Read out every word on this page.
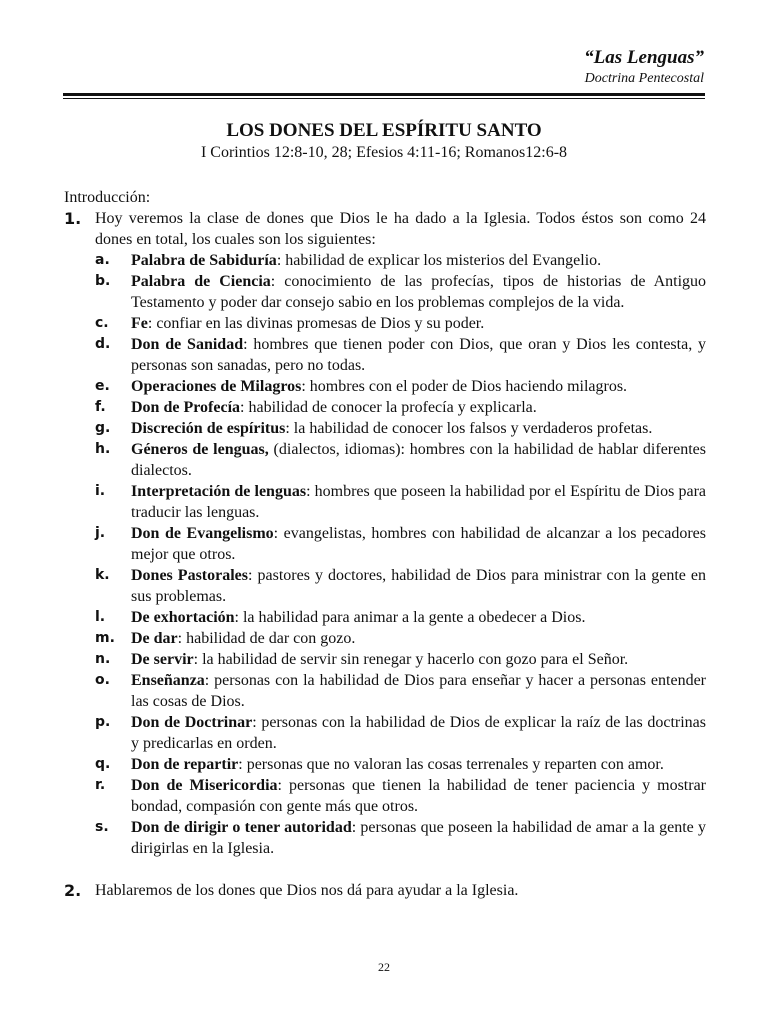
“Las Lenguas”
Doctrina Pentecostal
LOS DONES DEL ESPÍRITU SANTO
I Corintios 12:8-10, 28; Efesios 4:11-16; Romanos12:6-8

Introducción:

1. Hoy veremos la clase de dones que Dios le ha dado a la Iglesia. Todos éstos son como 24 dones en total, los cuales son los siguientes:
a. Palabra de Sabiduría: habilidad de explicar los misterios del Evangelio.
b. Palabra de Ciencia: conocimiento de las profecías, tipos de historias de Antiguo Testamento y poder dar consejo sabio en los problemas complejos de la vida.
c. Fe: confiar en las divinas promesas de Dios y su poder.
d. Don de Sanidad: hombres que tienen poder con Dios, que oran y Dios les contesta, y personas son sanadas, pero no todas.
e. Operaciones de Milagros: hombres con el poder de Dios haciendo milagros.
f. Don de Profecía: habilidad de conocer la profecía y explicarla.
g. Discreción de espíritus: la habilidad de conocer los falsos y verdaderos profetas.
h. Géneros de lenguas, (dialectos, idiomas): hombres con la habilidad de hablar diferentes dialectos.
i. Interpretación de lenguas: hombres que poseen la habilidad por el Espíritu de Dios para traducir las lenguas.
j. Don de Evangelismo: evangelistas, hombres con habilidad de alcanzar a los pecadores mejor que otros.
k. Dones Pastorales: pastores y doctores, habilidad de Dios para ministrar con la gente en sus problemas.
l. De exhortación: la habilidad para animar a la gente a obedecer a Dios.
m. De dar: habilidad de dar con gozo.
n. De servir: la habilidad de servir sin renegar y hacerlo con gozo para el Señor.
o. Enseñanza: personas con la habilidad de Dios para enseñar y hacer a personas entender las cosas de Dios.
p. Don de Doctrinar: personas con la habilidad de Dios de explicar la raíz de las doctrinas y predicarlas en orden.
q. Don de repartir: personas que no valoran las cosas terrenales y reparten con amor.
r. Don de Misericordia: personas que tienen la habilidad de tener paciencia y mostrar bondad, compasión con gente más que otros.
s. Don de dirigir o tener autoridad: personas que poseen la habilidad de amar a la gente y dirigirlas en la Iglesia.
2. Hablaremos de los dones que Dios nos dá para ayudar a la Iglesia.
22
